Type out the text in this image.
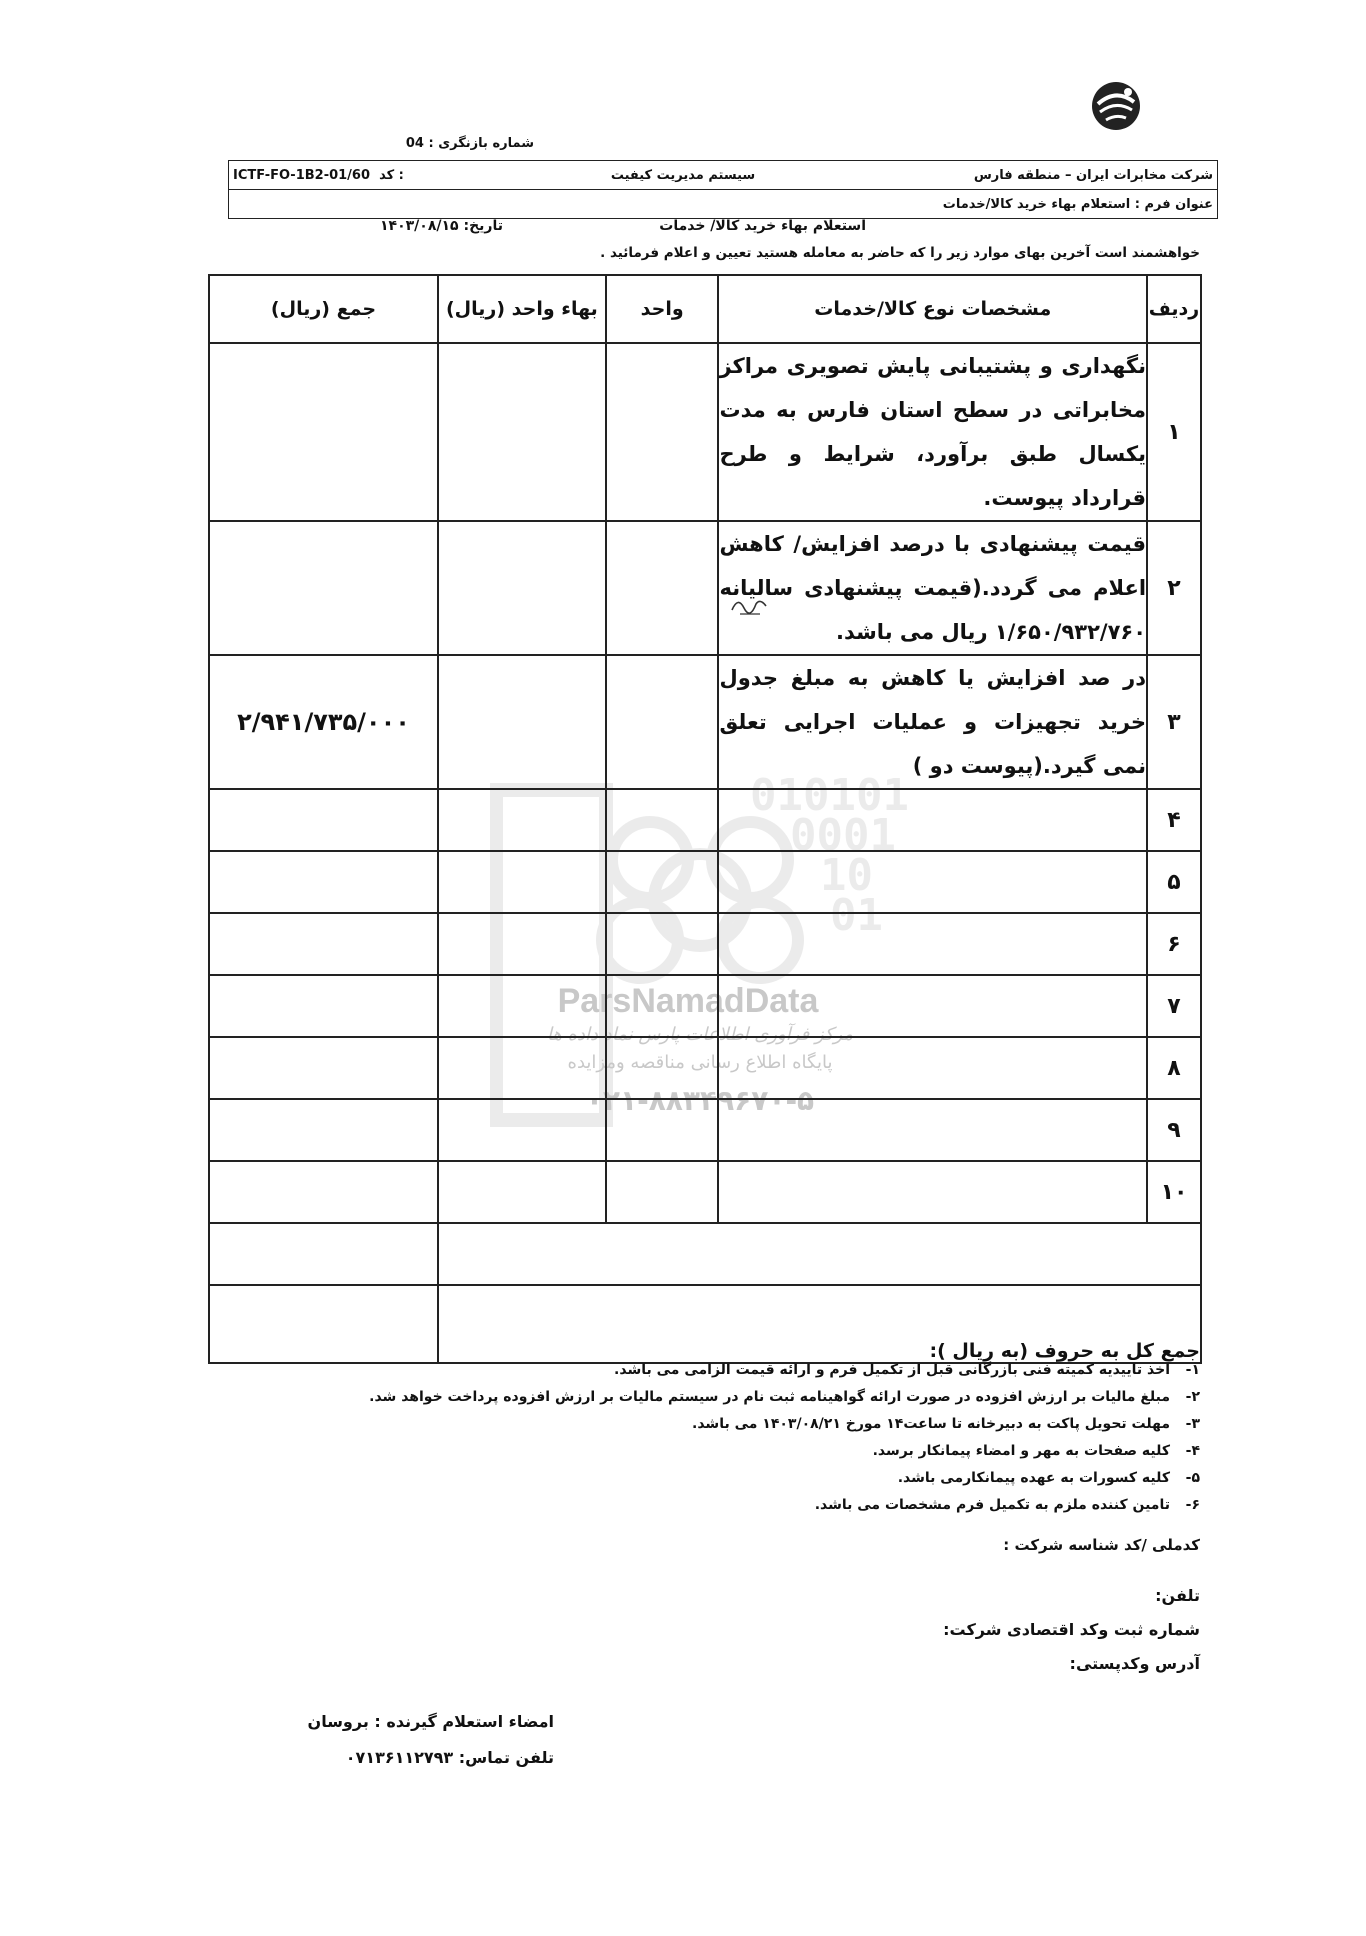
شماره بازنگری : 04
شرکت مخابرات ایران – منطقه فارس
سیستم مدیریت کیفیت
ICTF-FO-1B2-01/60 کد :
عنوان فرم : استعلام بهاء خرید کالا/خدمات
استعلام بهاء خرید کالا/ خدمات
تاریخ: ۱۴۰۳/۰۸/۱۵
خواهشمند است آخرین بهای موارد زیر را که حاضر به معامله هستید تعیین و اعلام فرمائید .
010101
0001
10
01
ParsNamadData
مرکز فرآوری اطلاعات پارس نماد داده ها
پایگاه اطلاع رسانی مناقصه ومزایده
۰۲۱-۸۸۳۴۹۶۷۰-۵
ردیف	مشخصات نوع کالا/خدمات	واحد	بهاء واحد (ریال)	جمع (ریال)
۱	نگهداری و پشتیبانی پایش تصویری مراکز مخابراتی در سطح استان فارس به مدت یکسال طبق برآورد، شرایط و طرح قرارداد پیوست.			
۲	قیمت پیشنهادی با درصد افزایش/ کاهش اعلام می گردد.(قیمت پیشنهادی سالیانه ۱/۶۵۰/۹۳۲/۷۶۰ ریال می باشد.			
۳	در صد افزایش یا کاهش به مبلغ جدول خرید تجهیزات و عملیات اجرایی تعلق نمی گیرد.(پیوست دو )			۲/۹۴۱/۷۳۵/۰۰۰
۴				
۵				
۶				
۷				
۸				
۹				
۱۰				

جمع کل به حروف (به ریال ):				
۱-
اخذ تاییدیه کمیته فنی بازرگانی قبل از تکمیل فرم و ارائه قیمت الزامی می باشد.
۲-
مبلغ مالیات بر ارزش افزوده در صورت ارائه گواهینامه ثبت نام در سیستم مالیات بر ارزش افزوده پرداخت خواهد شد.
۳-
مهلت تحویل پاکت به دبیرخانه تا ساعت۱۴ مورخ ۱۴۰۳/۰۸/۲۱ می باشد.
۴-
کلیه صفحات به مهر و امضاء پیمانکار برسد.
۵-
کلیه کسورات به عهده پیمانکارمی باشد.
۶-
تامین کننده ملزم به تکمیل فرم مشخصات می باشد.
کدملی /کد شناسه شرکت :
تلفن:
شماره ثبت وکد اقتصادی شرکت:
آدرس وکدپستی:
امضاء استعلام گیرنده : بروسان
تلفن تماس: ۰۷۱۳۶۱۱۲۷۹۳
